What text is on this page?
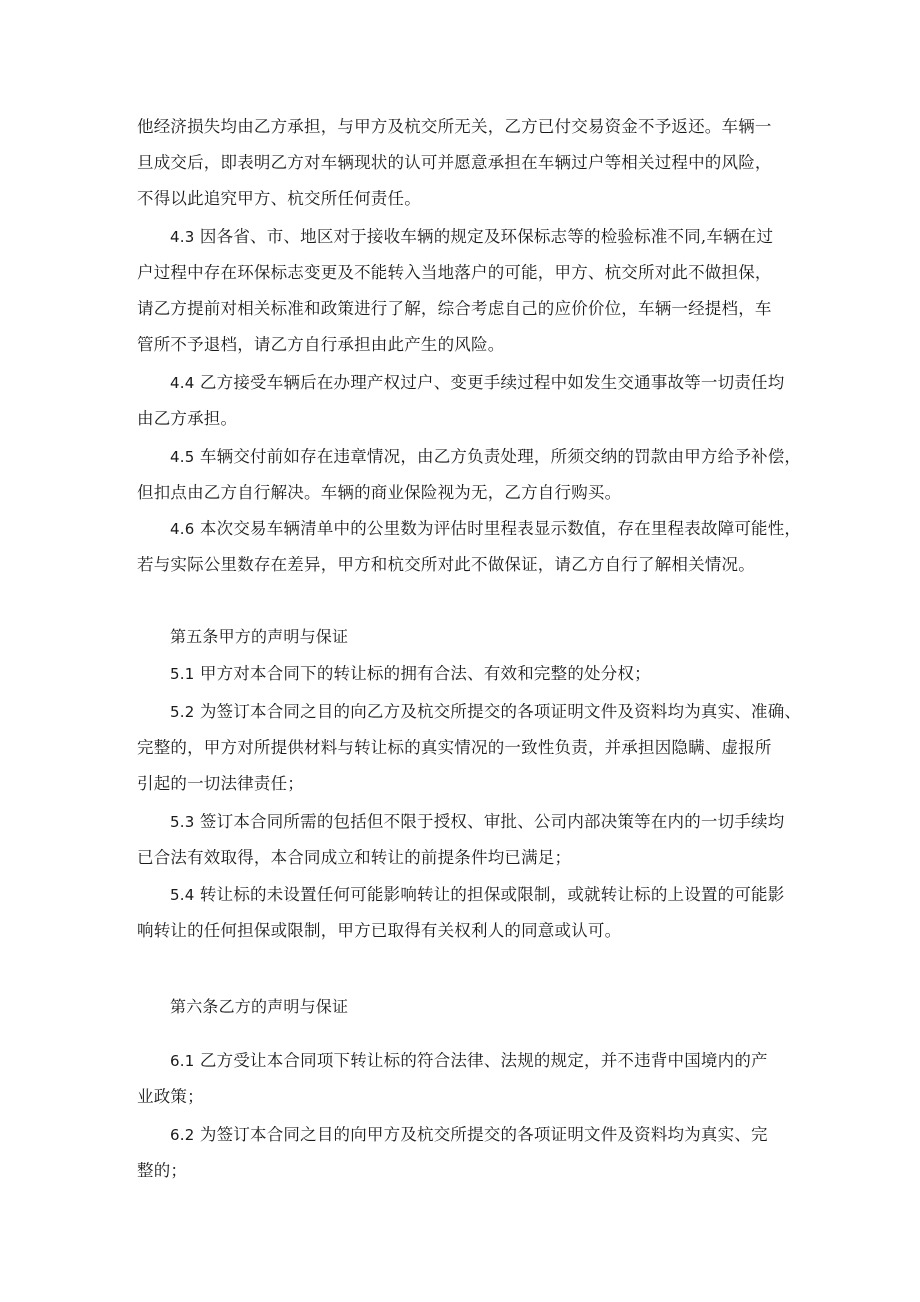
他经济损失均由乙方承担，与甲方及杭交所无关，乙方已付交易资金不予返还。车辆一
旦成交后，即表明乙方对车辆现状的认可并愿意承担在车辆过户等相关过程中的风险，
不得以此追究甲方、杭交所任何责任。
4.3 因各省、市、地区对于接收车辆的规定及环保标志等的检验标准不同,车辆在过
户过程中存在环保标志变更及不能转入当地落户的可能，甲方、杭交所对此不做担保，
请乙方提前对相关标准和政策进行了解，综合考虑自己的应价价位，车辆一经提档，车
管所不予退档，请乙方自行承担由此产生的风险。
4.4 乙方接受车辆后在办理产权过户、变更手续过程中如发生交通事故等一切责任均
由乙方承担。
4.5 车辆交付前如存在违章情况，由乙方负责处理，所须交纳的罚款由甲方给予补偿，
但扣点由乙方自行解决。车辆的商业保险视为无，乙方自行购买。
4.6 本次交易车辆清单中的公里数为评估时里程表显示数值，存在里程表故障可能性，
若与实际公里数存在差异，甲方和杭交所对此不做保证，请乙方自行了解相关情况。
第五条甲方的声明与保证
5.1 甲方对本合同下的转让标的拥有合法、有效和完整的处分权；
5.2 为签订本合同之目的向乙方及杭交所提交的各项证明文件及资料均为真实、准确、
完整的，甲方对所提供材料与转让标的真实情况的一致性负责，并承担因隐瞒、虚报所
引起的一切法律责任；
5.3 签订本合同所需的包括但不限于授权、审批、公司内部决策等在内的一切手续均
已合法有效取得，本合同成立和转让的前提条件均已满足；
5.4 转让标的未设置任何可能影响转让的担保或限制，或就转让标的上设置的可能影
响转让的任何担保或限制，甲方已取得有关权利人的同意或认可。
第六条乙方的声明与保证
6.1 乙方受让本合同项下转让标的符合法律、法规的规定，并不违背中国境内的产
业政策；
6.2 为签订本合同之目的向甲方及杭交所提交的各项证明文件及资料均为真实、完
整的；
